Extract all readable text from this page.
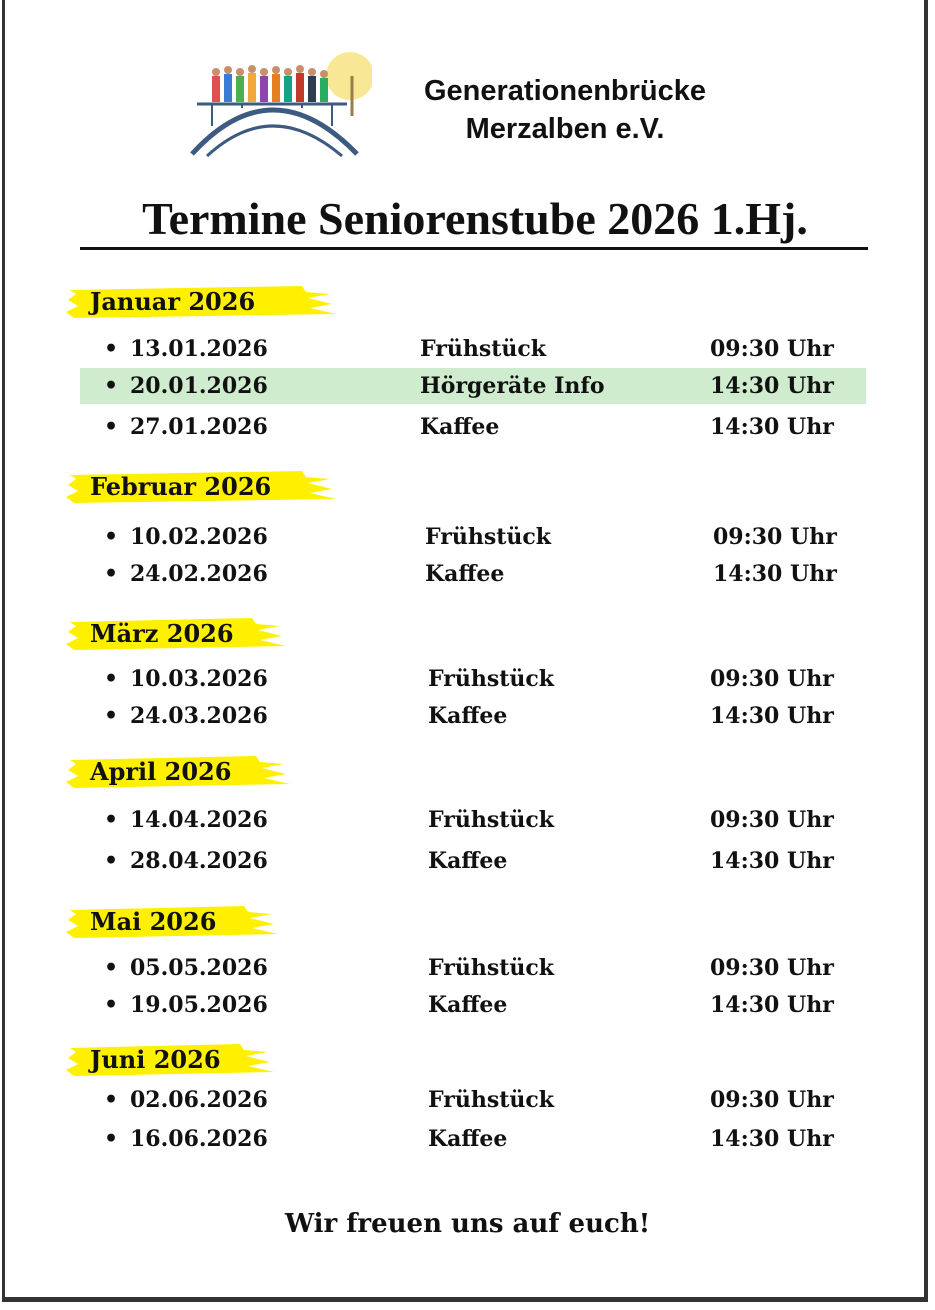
Generationenbrücke
Merzalben e.V.
Termine Seniorenstube 2026 1.Hj.
Januar 2026
• 13.01.2026	Frühstück	09:30 Uhr
• 20.01.2026	Hörgeräte Info	14:30 Uhr
• 27.01.2026	Kaffee	14:30 Uhr
Februar 2026
• 10.02.2026	Frühstück	09:30 Uhr
• 24.02.2026	Kaffee	14:30 Uhr
März 2026
• 10.03.2026	Frühstück	09:30 Uhr
• 24.03.2026	Kaffee	14:30 Uhr
April 2026
• 14.04.2026	Frühstück	09:30 Uhr
• 28.04.2026	Kaffee	14:30 Uhr
Mai 2026
• 05.05.2026	Frühstück	09:30 Uhr
• 19.05.2026	Kaffee	14:30 Uhr
Juni 2026
• 02.06.2026	Frühstück	09:30 Uhr
• 16.06.2026	Kaffee	14:30 Uhr
Wir freuen uns auf euch!
